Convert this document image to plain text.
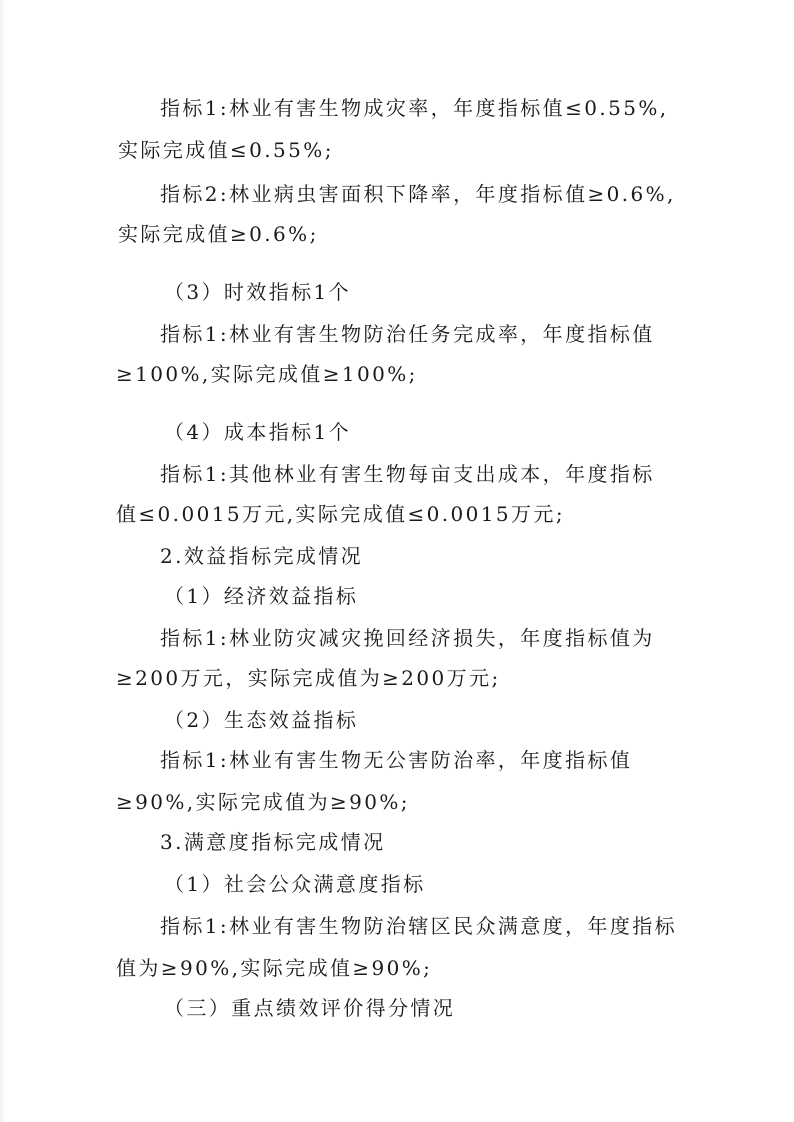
指标1:林业有害生物成灾率，年度指标值≤0.55%,
实际完成值≤0.55%;
指标2:林业病虫害面积下降率，年度指标值≥0.6%,
实际完成值≥0.6%;
（3）时效指标1个
指标1:林业有害生物防治任务完成率，年度指标值
≥100%,实际完成值≥100%;
（4）成本指标1个
指标1:其他林业有害生物每亩支出成本，年度指标
值≤0.0015万元,实际完成值≤0.0015万元;
2.效益指标完成情况
（1）经济效益指标
指标1:林业防灾减灾挽回经济损失，年度指标值为
≥200万元，实际完成值为≥200万元;
（2）生态效益指标
指标1:林业有害生物无公害防治率，年度指标值
≥90%,实际完成值为≥90%;
3.满意度指标完成情况
（1）社会公众满意度指标
指标1:林业有害生物防治辖区民众满意度，年度指标
值为≥90%,实际完成值≥90%;
（三）重点绩效评价得分情况
